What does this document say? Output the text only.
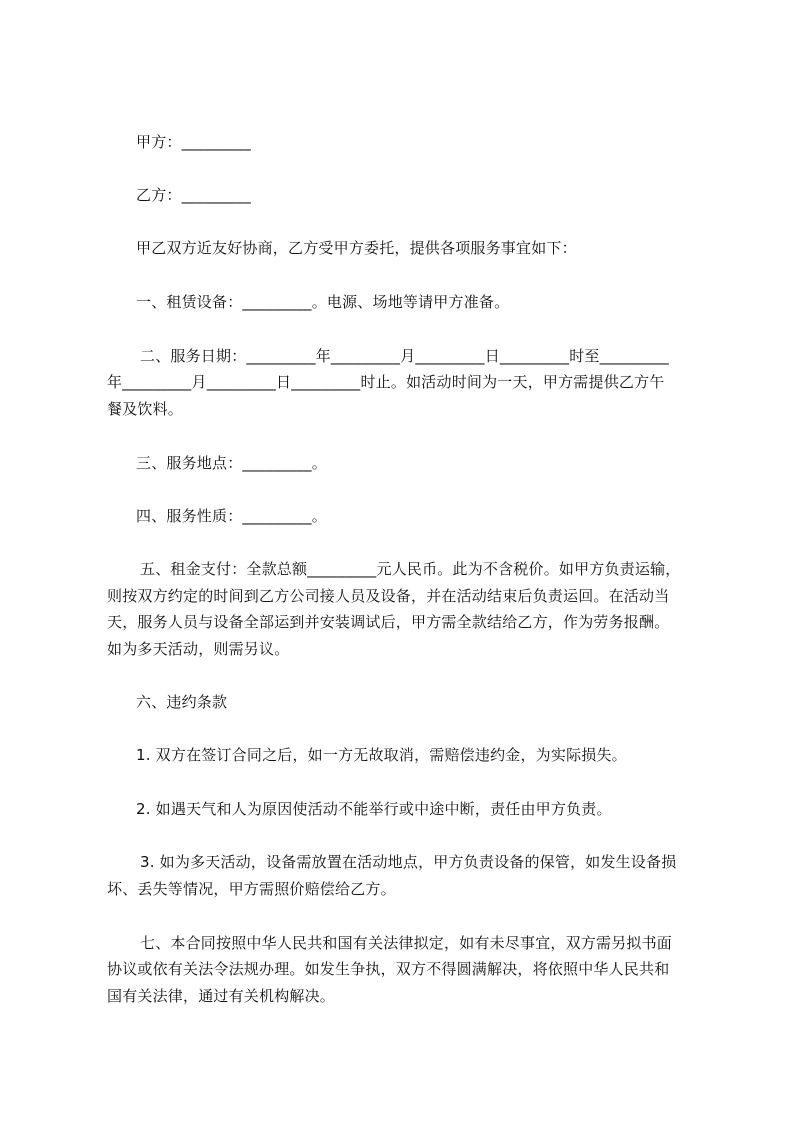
甲方：_________
乙方：_________
甲乙双方近友好协商，乙方受甲方委托，提供各项服务事宜如下：
一、租赁设备：_________。电源、场地等请甲方准备。
二、服务日期：_________年_________月_________日_________时至_________
年_________月_________日_________时止。如活动时间为一天，甲方需提供乙方午
餐及饮料。
三、服务地点：_________。
四、服务性质：_________。
五、租金支付：全款总额_________元人民币。此为不含税价。如甲方负责运输，
则按双方约定的时间到乙方公司接人员及设备，并在活动结束后负责运回。在活动当
天，服务人员与设备全部运到并安装调试后，甲方需全款结给乙方，作为劳务报酬。
如为多天活动，则需另议。
六、违约条款
1. 双方在签订合同之后，如一方无故取消，需赔偿违约金，为实际损失。
2. 如遇天气和人为原因使活动不能举行或中途中断，责任由甲方负责。
3. 如为多天活动，设备需放置在活动地点，甲方负责设备的保管，如发生设备损
坏、丢失等情况，甲方需照价赔偿给乙方。
七、本合同按照中华人民共和国有关法律拟定，如有未尽事宜，双方需另拟书面
协议或依有关法令法规办理。如发生争执，双方不得圆满解决，将依照中华人民共和
国有关法律，通过有关机构解决。
